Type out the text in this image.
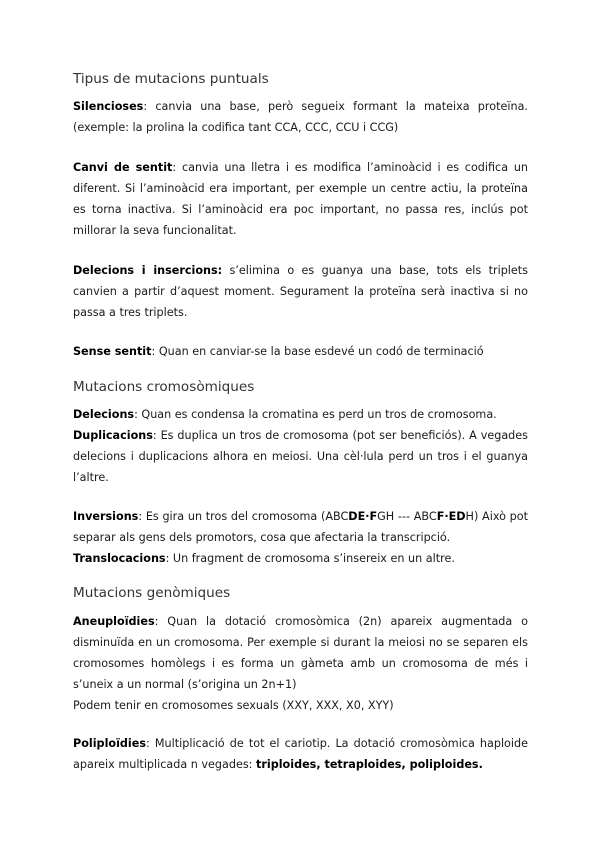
Tipus de mutacions puntuals
Silencioses: canvia una base, però segueix formant la mateixa proteïna. (exemple: la prolina la codifica tant CCA, CCC, CCU i CCG)
Canvi de sentit: canvia una lletra i es modifica l’aminoàcid i es codifica un diferent. Si l’aminoàcid era important, per exemple un centre actiu, la proteïna es torna inactiva. Si l’aminoàcid era poc important, no passa res, inclús pot millorar la seva funcionalitat.
Delecions i insercions: s’elimina o es guanya una base, tots els triplets canvien a partir d’aquest moment. Segurament la proteïna serà inactiva si no passa a tres triplets.
Sense sentit: Quan en canviar-se la base esdevé un codó de terminació
Mutacions cromosòmiques
Delecions: Quan es condensa la cromatina es perd un tros de cromosoma.
Duplicacions: Es duplica un tros de cromosoma (pot ser beneficiós). A vegades delecions i duplicacions alhora en meiosi. Una cèl·lula perd un tros i el guanya l’altre.
Inversions: Es gira un tros del cromosoma (ABCDE·FGH --- ABCF·EDH) Això pot separar als gens dels promotors, cosa que afectaria la transcripció.
Translocacions: Un fragment de cromosoma s’insereix en un altre.
Mutacions genòmiques
Aneuploïdies: Quan la dotació cromosòmica (2n) apareix augmentada o disminuïda en un cromosoma. Per exemple si durant la meiosi no se separen els cromosomes homòlegs i es forma un gàmeta amb un cromosoma de més i s’uneix a un normal (s’origina un 2n+1)
Podem tenir en cromosomes sexuals (XXY, XXX, X0, XYY)
Poliploïdies: Multiplicació de tot el cariotip. La dotació cromosòmica haploide apareix multiplicada n vegades: triploides, tetraploides, poliploides.
